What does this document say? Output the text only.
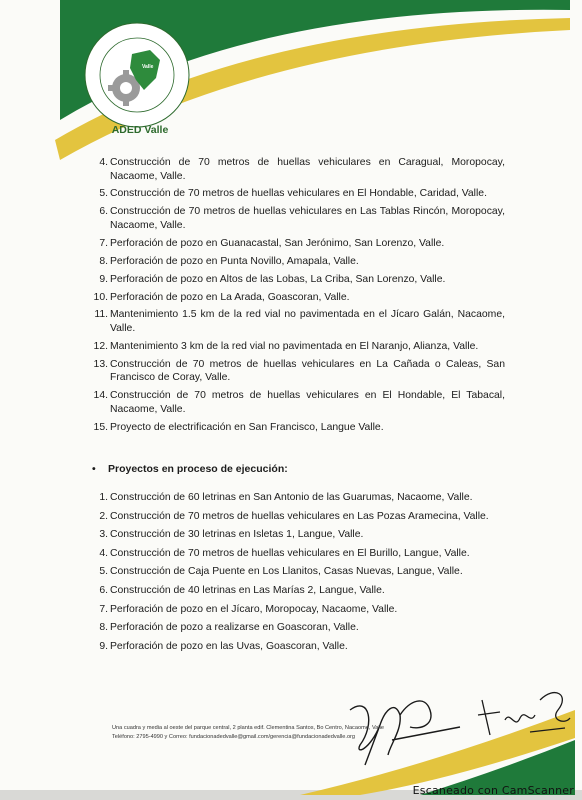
Valle
ADED Valle
4. Construcción de 70 metros de huellas vehiculares en Caragual, Moropocay, Nacaome, Valle.
5. Construcción de 70 metros de huellas vehiculares en El Hondable, Caridad, Valle.
6. Construcción de 70 metros de huellas vehiculares en Las Tablas Rincón, Moropocay, Nacaome, Valle.
7. Perforación de pozo en Guanacastal, San Jerónimo, San Lorenzo, Valle.
8. Perforación de pozo en Punta Novillo, Amapala, Valle.
9. Perforación de pozo en Altos de las Lobas, La Criba, San Lorenzo, Valle.
10. Perforación de pozo en La Arada, Goascoran, Valle.
11. Mantenimiento 1.5 km de la red vial no pavimentada en el Jícaro Galán, Nacaome, Valle.
12. Mantenimiento 3 km de la red vial no pavimentada en El Naranjo, Alianza, Valle.
13. Construcción de 70 metros de huellas vehiculares en La Cañada o Caleas, San Francisco de Coray, Valle.
14. Construcción de 70 metros de huellas vehiculares en El Hondable, El Tabacal, Nacaome, Valle.
15. Proyecto de electrificación en San Francisco, Langue Valle.
• Proyectos en proceso de ejecución:
1. Construcción de 60 letrinas en San Antonio de las Guarumas, Nacaome, Valle.
2. Construcción de 70 metros de huellas vehiculares en Las Pozas Aramecina, Valle.
3. Construcción de 30 letrinas en Isletas 1, Langue, Valle.
4. Construcción de 70 metros de huellas vehiculares en El Burillo, Langue, Valle.
5. Construcción de Caja Puente en Los Llanitos, Casas Nuevas, Langue, Valle.
6. Construcción de 40 letrinas en Las Marías 2, Langue, Valle.
7. Perforación de pozo en el Jícaro, Moropocay, Nacaome, Valle.
8. Perforación de pozo a realizarse en Goascoran, Valle.
9. Perforación de pozo en las Uvas, Goascoran, Valle.

Una cuadra y media al oeste del parque central, 2 planta edif. Clementina Santos, Bo Centro, Nacaome, Valle

Teléfono: 2795-4990 y Correo: fundacionadedvalle@gmail.com/gerencia@fundacionadedvalle.org

Escaneado con CamScanner
